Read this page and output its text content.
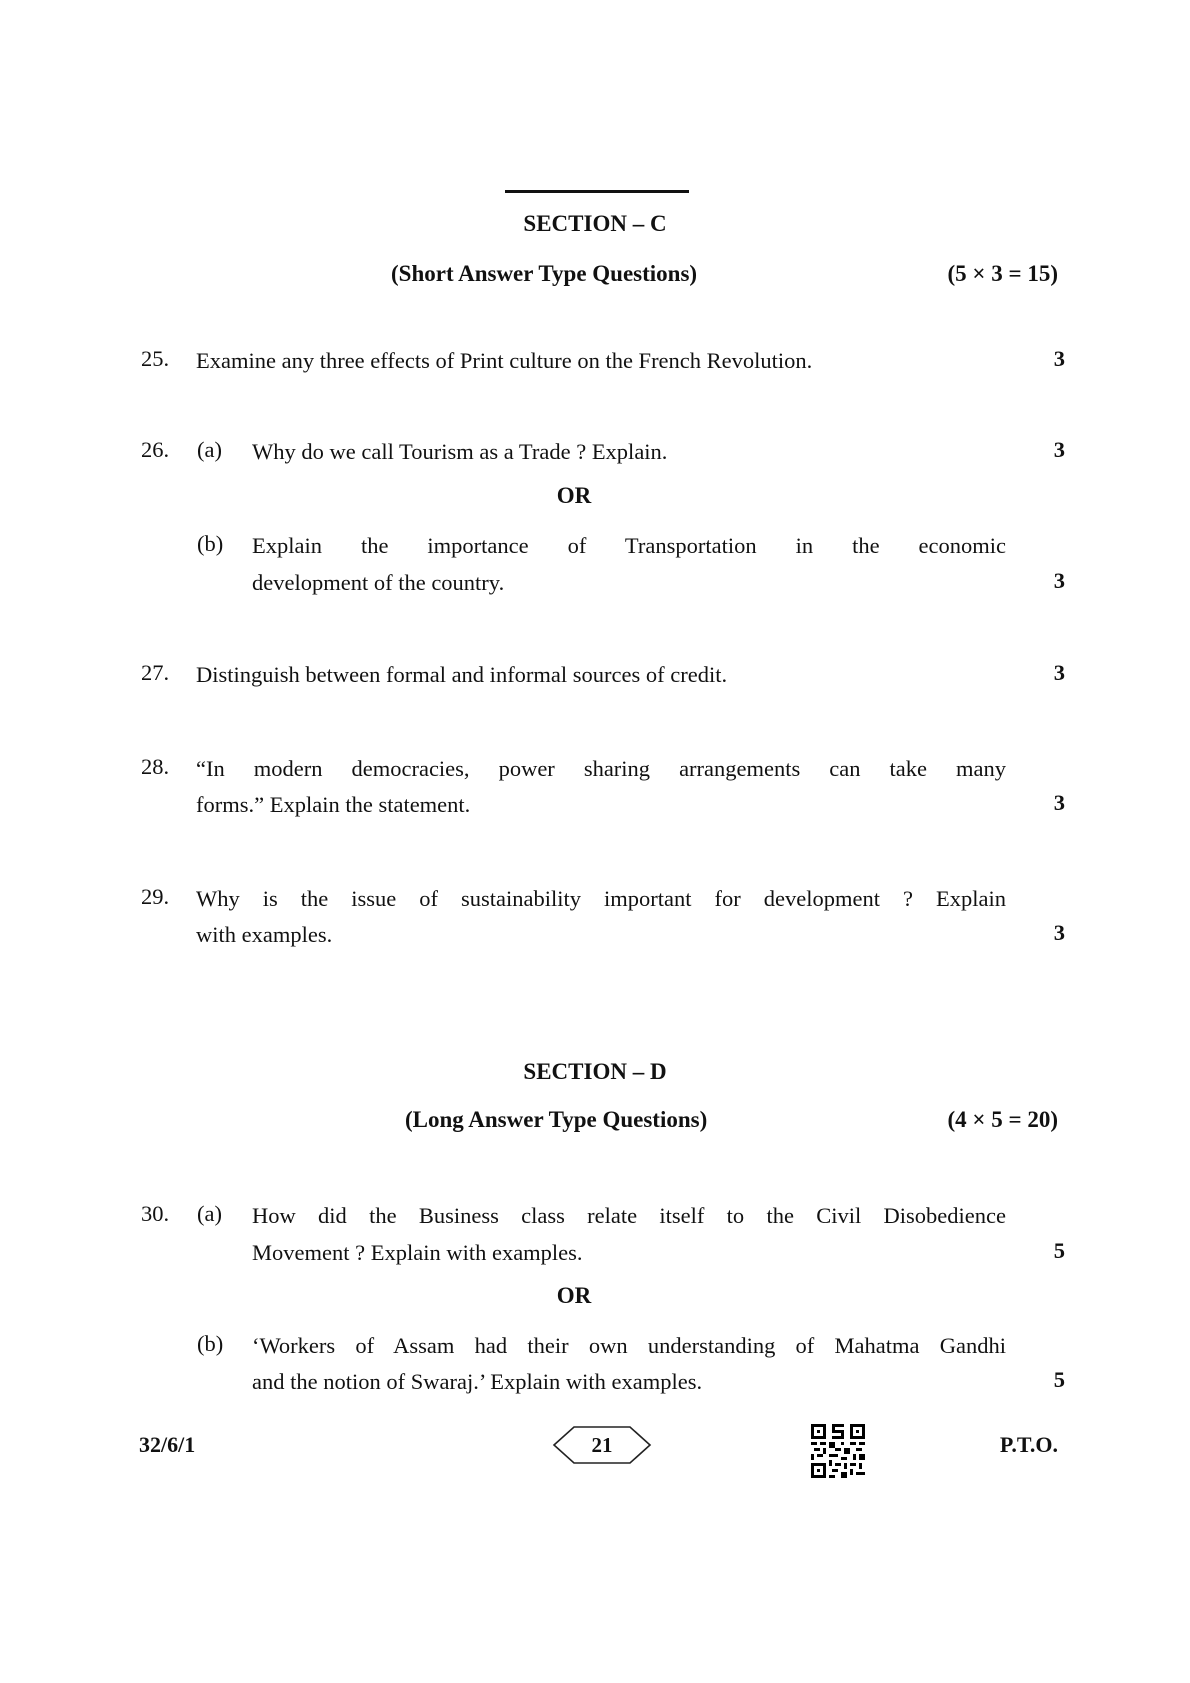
SECTION – C
(Short Answer Type Questions)	(5 × 3 = 15)
25. Examine any three effects of Print culture on the French Revolution.	3
26. (a) Why do we call Tourism as a Trade ? Explain.	3
OR
(b) Explain the importance of Transportation in the economic
development of the country.	3
27. Distinguish between formal and informal sources of credit.	3
28. “In modern democracies, power sharing arrangements can take many
forms.” Explain the statement.	3
29. Why is the issue of sustainability important for development ? Explain
with examples.	3
SECTION – D
(Long Answer Type Questions)	(4 × 5 = 20)
30. (a) How did the Business class relate itself to the Civil Disobedience
Movement ? Explain with examples.	5
OR
(b) ‘Workers of Assam had their own understanding of Mahatma Gandhi
and the notion of Swaraj.’ Explain with examples.	5
32/6/1	21	P.T.O.
